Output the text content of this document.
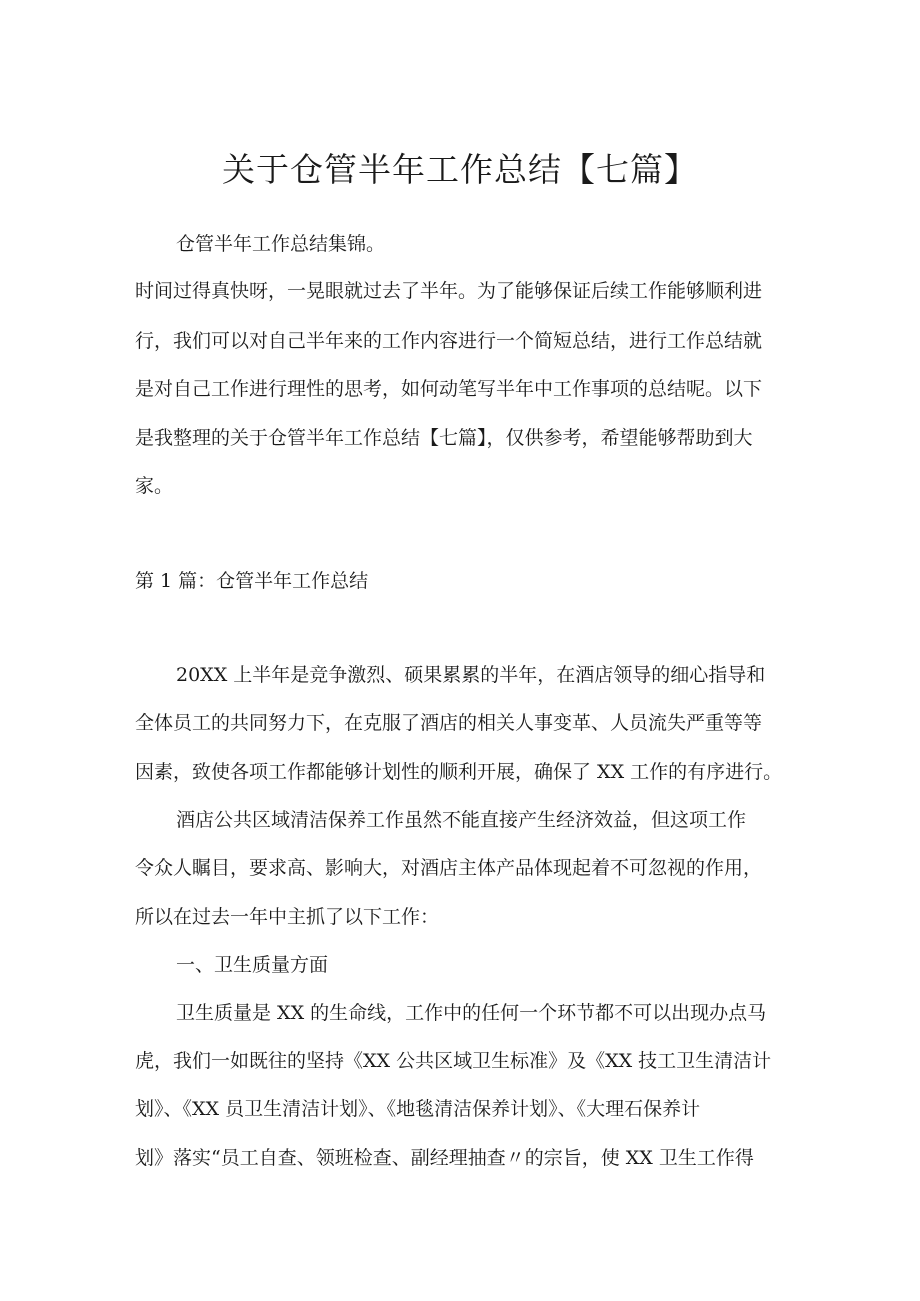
关于仓管半年工作总结【七篇】

仓管半年工作总结集锦。

时间过得真快呀，一晃眼就过去了半年。为了能够保证后续工作能够顺利进

行，我们可以对自己半年来的工作内容进行一个简短总结，进行工作总结就

是对自己工作进行理性的思考，如何动笔写半年中工作事项的总结呢。以下

是我整理的关于仓管半年工作总结【七篇】，仅供参考，希望能够帮助到大

家。

第 1 篇：仓管半年工作总结

20XX 上半年是竞争激烈、硕果累累的半年，在酒店领导的细心指导和

全体员工的共同努力下，在克服了酒店的相关人事变革、人员流失严重等等

因素，致使各项工作都能够计划性的顺利开展，确保了 XX 工作的有序进行。

酒店公共区域清洁保养工作虽然不能直接产生经济效益，但这项工作

令众人瞩目，要求高、影响大，对酒店主体产品体现起着不可忽视的作用，

所以在过去一年中主抓了以下工作：

一、卫生质量方面

卫生质量是 XX 的生命线，工作中的任何一个环节都不可以出现办点马

虎，我们一如既往的坚持《XX 公共区域卫生标准》及《XX 技工卫生清洁计

划》、《XX 员卫生清洁计划》、《地毯清洁保养计划》、《大理石保养计

划》落实“员工自查、领班检查、副经理抽查〃的宗旨，使 XX 卫生工作得
